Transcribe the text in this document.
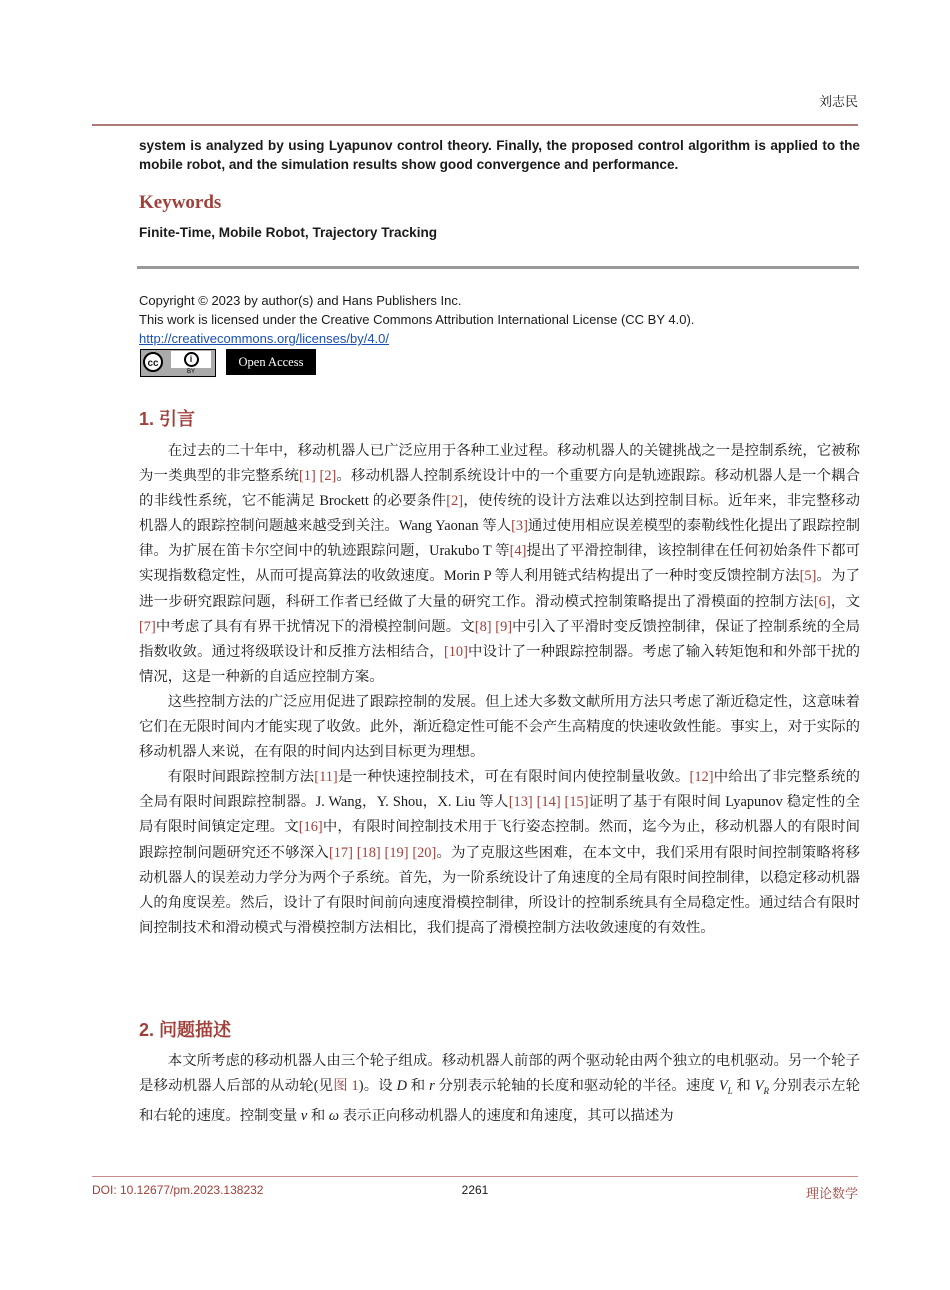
刘志民
system is analyzed by using Lyapunov control theory. Finally, the proposed control algorithm is applied to the mobile robot, and the simulation results show good convergence and performance.
Keywords
Finite-Time, Mobile Robot, Trajectory Tracking
Copyright © 2023 by author(s) and Hans Publishers Inc.
This work is licensed under the Creative Commons Attribution International License (CC BY 4.0).
http://creativecommons.org/licenses/by/4.0/
cc	i
BY
Open Access
1. 引言

在过去的二十年中，移动机器人已广泛应用于各种工业过程。移动机器人的关键挑战之一是控制系统，它被称为一类典型的非完整系统[1] [2]。移动机器人控制系统设计中的一个重要方向是轨迹跟踪。移动机器人是一个耦合的非线性系统，它不能满足 Brockett 的必要条件[2]，使传统的设计方法难以达到控制目标。近年来，非完整移动机器人的跟踪控制问题越来越受到关注。Wang Yaonan 等人[3]通过使用相应误差模型的泰勒线性化提出了跟踪控制律。为扩展在笛卡尔空间中的轨迹跟踪问题，Urakubo T 等[4]提出了平滑控制律，该控制律在任何初始条件下都可实现指数稳定性，从而可提高算法的收敛速度。Morin P 等人利用链式结构提出了一种时变反馈控制方法[5]。为了进一步研究跟踪问题，科研工作者已经做了大量的研究工作。滑动模式控制策略提出了滑模面的控制方法[6]，文[7]中考虑了具有有界干扰情况下的滑模控制问题。文[8] [9]中引入了平滑时变反馈控制律，保证了控制系统的全局指数收敛。通过将级联设计和反推方法相结合，[10]中设计了一种跟踪控制器。考虑了输入转矩饱和和外部干扰的情况，这是一种新的自适应控制方案。

这些控制方法的广泛应用促进了跟踪控制的发展。但上述大多数文献所用方法只考虑了渐近稳定性，这意味着它们在无限时间内才能实现了收敛。此外，渐近稳定性可能不会产生高精度的快速收敛性能。事实上，对于实际的移动机器人来说，在有限的时间内达到目标更为理想。

有限时间跟踪控制方法[11]是一种快速控制技术，可在有限时间内使控制量收敛。[12]中给出了非完整系统的全局有限时间跟踪控制器。J. Wang，Y. Shou，X. Liu 等人[13] [14] [15]证明了基于有限时间 Lyapunov 稳定性的全局有限时间镇定定理。文[16]中，有限时间控制技术用于飞行姿态控制。然而，迄今为止，移动机器人的有限时间跟踪控制问题研究还不够深入[17] [18] [19] [20]。为了克服这些困难，在本文中，我们采用有限时间控制策略将移动机器人的误差动力学分为两个子系统。首先，为一阶系统设计了角速度的全局有限时间控制律，以稳定移动机器人的角度误差。然后，设计了有限时间前向速度滑模控制律，所设计的控制系统具有全局稳定性。通过结合有限时间控制技术和滑动模式与滑模控制方法相比，我们提高了滑模控制方法收敛速度的有效性。

2. 问题描述

本文所考虑的移动机器人由三个轮子组成。移动机器人前部的两个驱动轮由两个独立的电机驱动。另一个轮子是移动机器人后部的从动轮(见图 1)。设 D 和 r 分别表示轮轴的长度和驱动轮的半径。速度 $V_L$ 和 $V_R$ 分别表示左轮和右轮的速度。控制变量 v 和 ω 表示正向移动机器人的速度和角速度，其可以描述为

2261
DOI: 10.12677/pm.2023.138232	理论数学
